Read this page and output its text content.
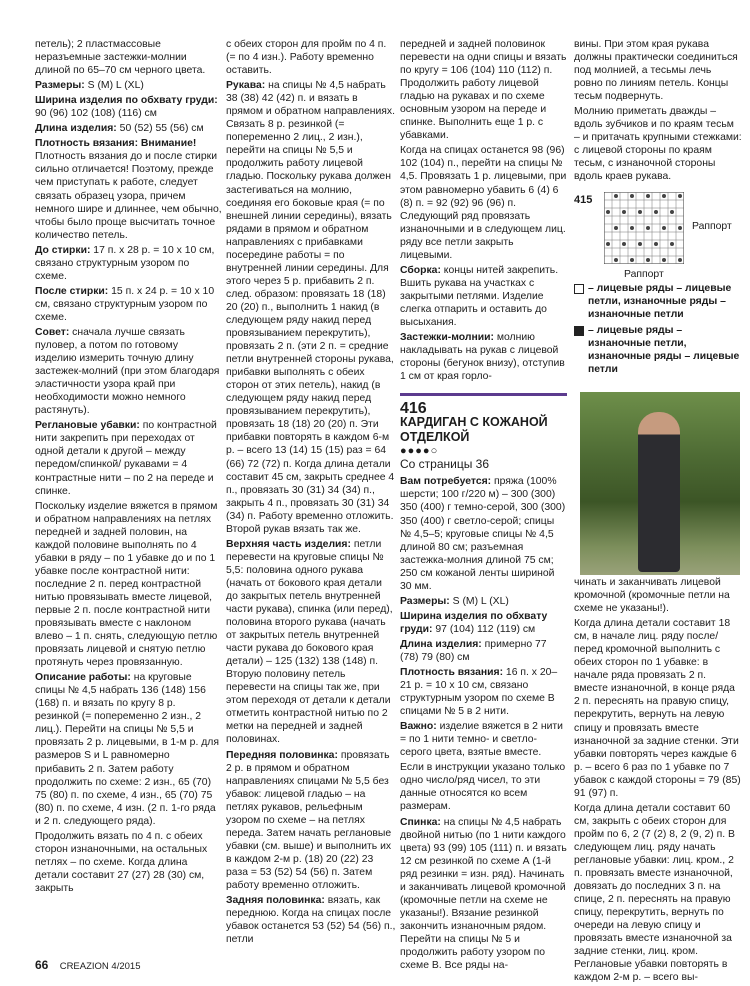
петель); 2 пластмассовые неразъемные застежки-молнии длиной по 65–70 см черного цвета.

Размеры: S (M) L (XL)

Ширина изделия по обхвату груди: 90 (96) 102 (108) (116) см

Длина изделия: 50 (52) 55 (56) см

Плотность вязания: Внимание! Плотность вязания до и после стирки сильно отличается! Поэтому, прежде чем приступать к работе, следует связать образец узора, причем немного шире и длиннее, чем обычно, чтобы было проще высчитать точное количество петель.

До стирки: 17 п. х 28 р. = 10 х 10 см, связано структурным узором по схеме.

После стирки: 15 п. х 24 р. = 10 х 10 см, связано структурным узором по схеме.

Совет: сначала лучше связать пуловер, а потом по готовому изделию измерить точную длину застежек-молний (при этом благодаря эластичности узора край при необходимости можно немного растянуть).

Реглановые убавки: по контрастной нити закрепить при переходах от одной детали к другой – между передом/спинкой/ рукавами = 4 контрастные нити – по 2 на переде и спинке.

Поскольку изделие вяжется в прямом и обратном направлениях на петлях передней и задней половин, на каждой половине выполнять по 4 убавки в ряду – по 1 убавке до и по 1 убавке после контрастной нити: последние 2 п. перед контрастной нитью провязывать вместе лицевой, первые 2 п. после контрастной нити провязывать вместе с наклоном влево – 1 п. снять, следующую петлю провязать лицевой и снятую петлю протянуть через провязанную.

Описание работы: на круговые спицы № 4,5 набрать 136 (148) 156 (168) п. и вязать по кругу 8 р. резинкой (= попеременно 2 изн., 2 лиц.). Перейти на спицы № 5,5 и провязать 2 р. лицевыми, в 1-м р. для размеров S и L равномерно прибавить 2 п. Затем работу продолжить по схеме: 2 изн., 65 (70) 75 (80) п. по схеме, 4 изн., 65 (70) 75 (80) п. по схеме, 4 изн. (2 п. 1-го ряда и 2 п. следующего ряда).

Продолжить вязать по 4 п. с обеих сторон изнаночными, на остальных петлях – по схеме. Когда длина детали составит 27 (27) 28 (30) см, закрыть

с обеих сторон для пройм по 4 п. (= по 4 изн.). Работу временно оставить.

Рукава: на спицы № 4,5 набрать 38 (38) 42 (42) п. и вязать в прямом и обратном направлениях. Связать 8 р. резинкой (= попеременно 2 лиц., 2 изн.), перейти на спицы № 5,5 и продолжить работу лицевой гладью. Поскольку рукава должен застегиваться на молнию, соединяя его боковые края (= по внешней линии середины), вязать рядами в прямом и обратном направлениях с прибавками посередине работы = по внутренней линии середины. Для этого через 5 р. прибавить 2 п. след. образом: провязать 18 (18) 20 (20) п., выполнить 1 накид (в следующем ряду накид перед провязыванием перекрутить), провязать 2 п. (эти 2 п. = средние петли внутренней стороны рукава, прибавки выполнять с обеих сторон от этих петель), накид (в следующем ряду накид перед провязыванием перекрутить), провязать 18 (18) 20 (20) п. Эти прибавки повторять в каждом 6-м р. – всего 13 (14) 15 (15) раз = 64 (66) 72 (72) п. Когда длина детали составит 45 см, закрыть среднее 4 п., провязать 30 (31) 34 (34) п., закрыть 4 п., провязать 30 (31) 34 (34) п. Работу временно отложить. Второй рукав вязать так же.

Верхняя часть изделия: петли перевести на круговые спицы № 5,5: половина одного рукава (начать от бокового края детали до закрытых петель внутренней части рукава), спинка (или перед), половина второго рукава (начать от закрытых петель внутренней части рукава до бокового края детали) – 125 (132) 138 (148) п. Вторую половину петель перевести на спицы так же, при этом переходя от детали к детали отметить контрастной нитью по 2 метки на передней и задней половинах.

Передняя половинка: провязать 2 р. в прямом и обратном направлениях спицами № 5,5 без убавок: лицевой гладью – на петлях рукавов, рельефным узором по схеме – на петлях переда. Затем начать реглановые убавки (см. выше) и выполнить их в каждом 2-м р. (18) 20 (22) 23 раза = 53 (52) 54 (56) п. Затем работу временно отложить.

Задняя половинка: вязать, как переднюю. Когда на спицах после убавок останется 53 (52) 54 (56) п., петли

передней и задней половинок перевести на одни спицы и вязать по кругу = 106 (104) 110 (112) п. Продолжить работу лицевой гладью на рукавах и по схеме основным узором на переде и спинке. Выполнить еще 1 р. с убавками.

Когда на спицах останется 98 (96) 102 (104) п., перейти на спицы № 4,5. Провязать 1 р. лицевыми, при этом равномерно убавить 6 (4) 6 (8) п. = 92 (92) 96 (96) п. Следующий ряд провязать изнаночными и в следующем лиц. ряду все петли закрыть лицевыми.

Сборка: концы нитей закрепить. Вшить рукава на участках с закрытыми петлями. Изделие слегка отпарить и оставить до высыхания.

Застежки-молнии: молнию накладывать на рукав с лицевой стороны (бегунок внизу), отступив 1 см от края горло-

416
КАРДИГАН С КОЖАНОЙ ОТДЕЛКОЙ
●●●●○

Со страницы 36

Вам потребуется: пряжа (100% шерсти; 100 г/220 м) – 300 (300) 350 (400) г темно-серой, 300 (300) 350 (400) г светло-серой; спицы № 4,5–5; круговые спицы № 4,5 длиной 80 см; разъемная застежка-молния длиной 75 см; 250 см кожаной ленты шириной 30 мм.

Размеры: S (M) L (XL)

Ширина изделия по обхвату груди: 97 (104) 112 (119) см

Длина изделия: примерно 77 (78) 79 (80) см

Плотность вязания: 16 п. х 20–21 р. = 10 х 10 см, связано структурным узором по схеме В спицами № 5 в 2 нити.

Важно: изделие вяжется в 2 нити = по 1 нити темно- и светло-серого цвета, взятые вместе.

Если в инструкции указано только одно число/ряд чисел, то эти данные относятся ко всем размерам.

Спинка: на спицы № 4,5 набрать двойной нитью (по 1 нити каждого цвета) 93 (99) 105 (111) п. и вязать 12 см резинкой по схеме А (1-й ряд резинки = изн. ряд). Начинать и заканчивать лицевой кромочной (кромочные петли на схеме не указаны!). Вязание резинкой закончить изнаночным рядом. Перейти на спицы № 5 и продолжить работу узором по схеме В. Все ряды на-

вины. При этом края рукава должны практически соединиться под молнией, а тесьмы лечь ровно по линиям петель. Концы тесьм подвернуть.

Молнию приметать дважды – вдоль зубчиков и по краям тесьм – и притачать крупными стежками: с лицевой стороны по краям тесьм, с изнаночной стороны вдоль краев рукава.

415
Раппорт
Раппорт
– лицевые ряды – лицевые петли, изнаночные ряды – изнаночные петли
– лицевые ряды – изнаночные петли, изнаночные ряды – лицевые петли

чинать и заканчивать лицевой кромочной (кромочные петли на схеме не указаны!).

Когда длина детали составит 18 см, в начале лиц. ряду после/перед кромочной выполнить с обеих сторон по 1 убавке: в начале ряда провязать 2 п. вместе изнаночной, в конце ряда 2 п. переснять на правую спицу, перекрутить, вернуть на левую спицу и провязать вместе изнаночной за задние стенки. Эти убавки повторять через каждые 6 р. – всего 6 раз по 1 убавке по 7 убавок с каждой стороны = 79 (85) 91 (97) п.

Когда длина детали составит 60 см, закрыть с обеих сторон для пройм по 6, 2 (7 (2) 8, 2 (9, 2) п. В следующем лиц. ряду начать реглановые убавки: лиц. кром., 2 п. провязать вместе изнаночной, довязать до последних 3 п. на спице, 2 п. переснять на правую спицу, перекрутить, вернуть по очереди на левую спицу и провязать вместе изнаночной за задние стенки, лиц. кром. Реглановые убавки повторять в каждом 2-м р. – всего вы-

66 CREAZION 4/2015
